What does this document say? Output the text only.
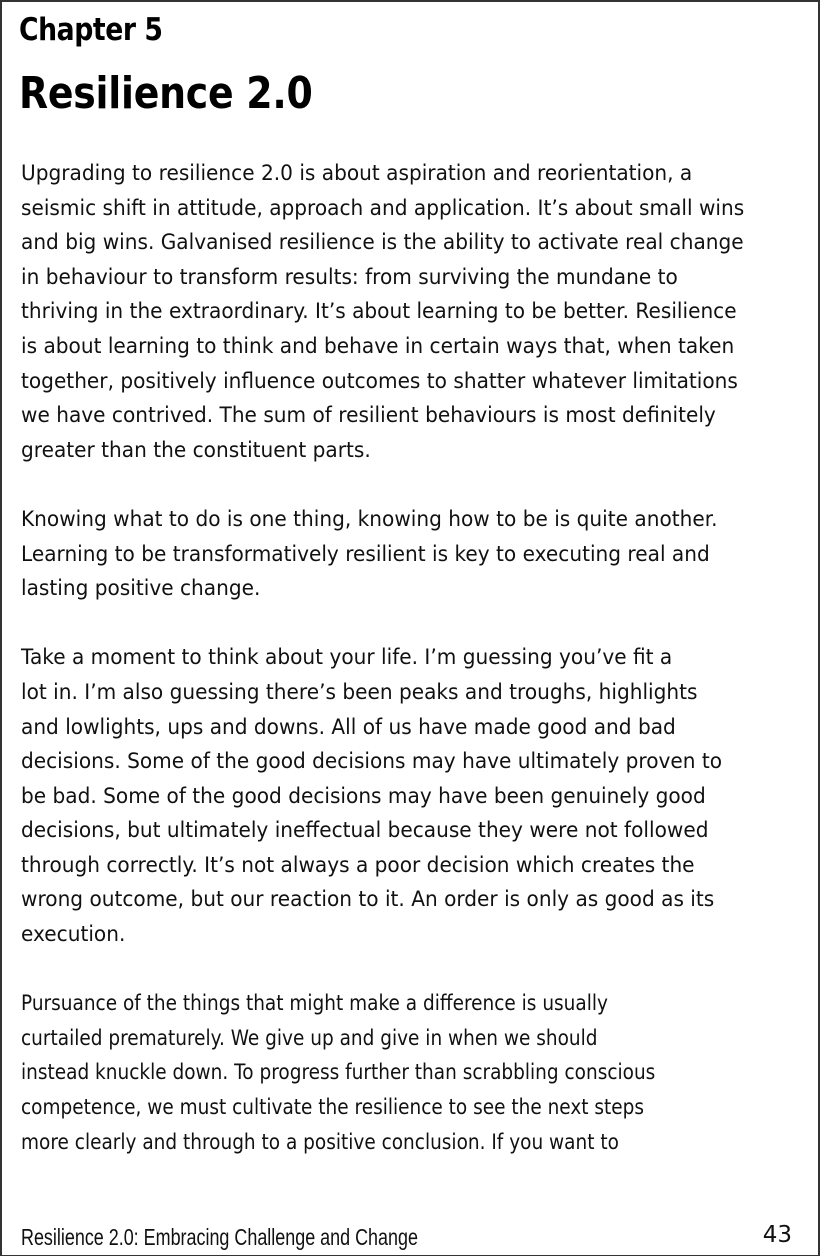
Chapter 5
Resilience 2.0
Upgrading to resilience 2.0 is about aspiration and reorientation, a
seismic shift in attitude, approach and application. It’s about small wins
and big wins. Galvanised resilience is the ability to activate real change
in behaviour to transform results: from surviving the mundane to
thriving in the extraordinary. It’s about learning to be better. Resilience
is about learning to think and behave in certain ways that, when taken
together, positively influence outcomes to shatter whatever limitations
we have contrived. The sum of resilient behaviours is most definitely
greater than the constituent parts.
Knowing what to do is one thing, knowing how to be is quite another.
Learning to be transformatively resilient is key to executing real and
lasting positive change.
Take a moment to think about your life. I’m guessing you’ve fit a
lot in. I’m also guessing there’s been peaks and troughs, highlights
and lowlights, ups and downs. All of us have made good and bad
decisions. Some of the good decisions may have ultimately proven to
be bad. Some of the good decisions may have been genuinely good
decisions, but ultimately ineffectual because they were not followed
through correctly. It’s not always a poor decision which creates the
wrong outcome, but our reaction to it. An order is only as good as its
execution.
Pursuance of the things that might make a difference is usually
curtailed prematurely. We give up and give in when we should
instead knuckle down. To progress further than scrabbling conscious
competence, we must cultivate the resilience to see the next steps
more clearly and through to a positive conclusion. If you want to
Resilience 2.0: Embracing Challenge and Change	43
